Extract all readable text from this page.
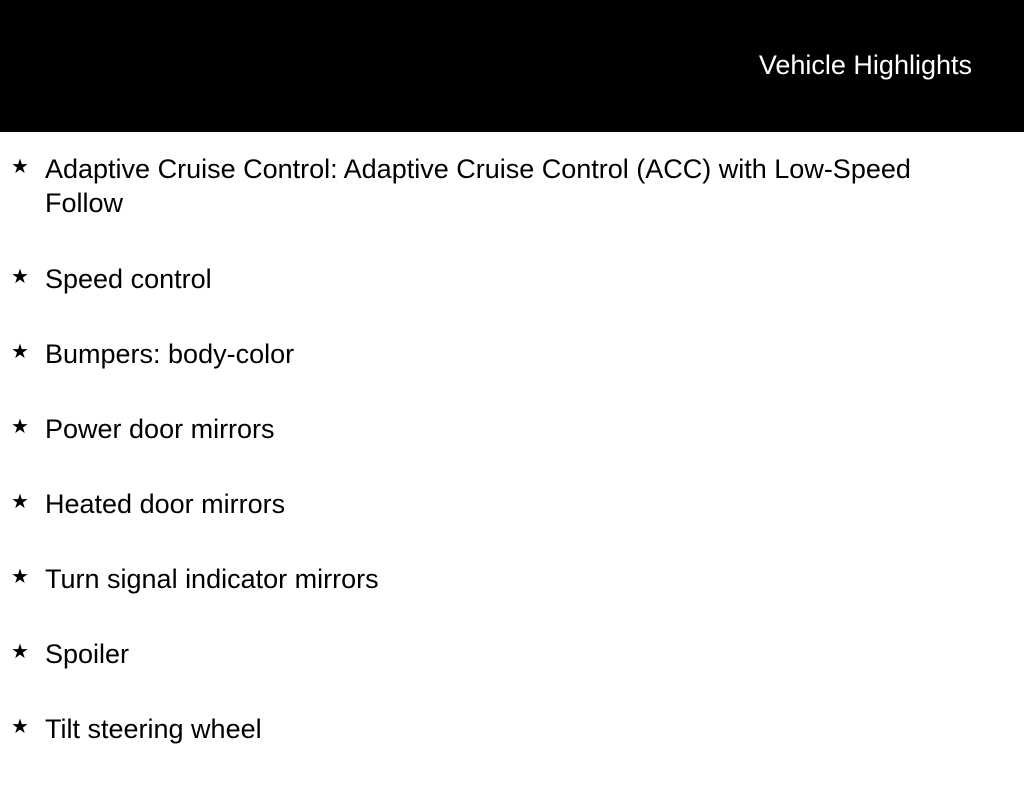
Vehicle Highlights
★ Adaptive Cruise Control: Adaptive Cruise Control (ACC) with Low-Speed Follow
★ Speed control
★ Bumpers: body-color
★ Power door mirrors
★ Heated door mirrors
★ Turn signal indicator mirrors
★ Spoiler
★ Tilt steering wheel
